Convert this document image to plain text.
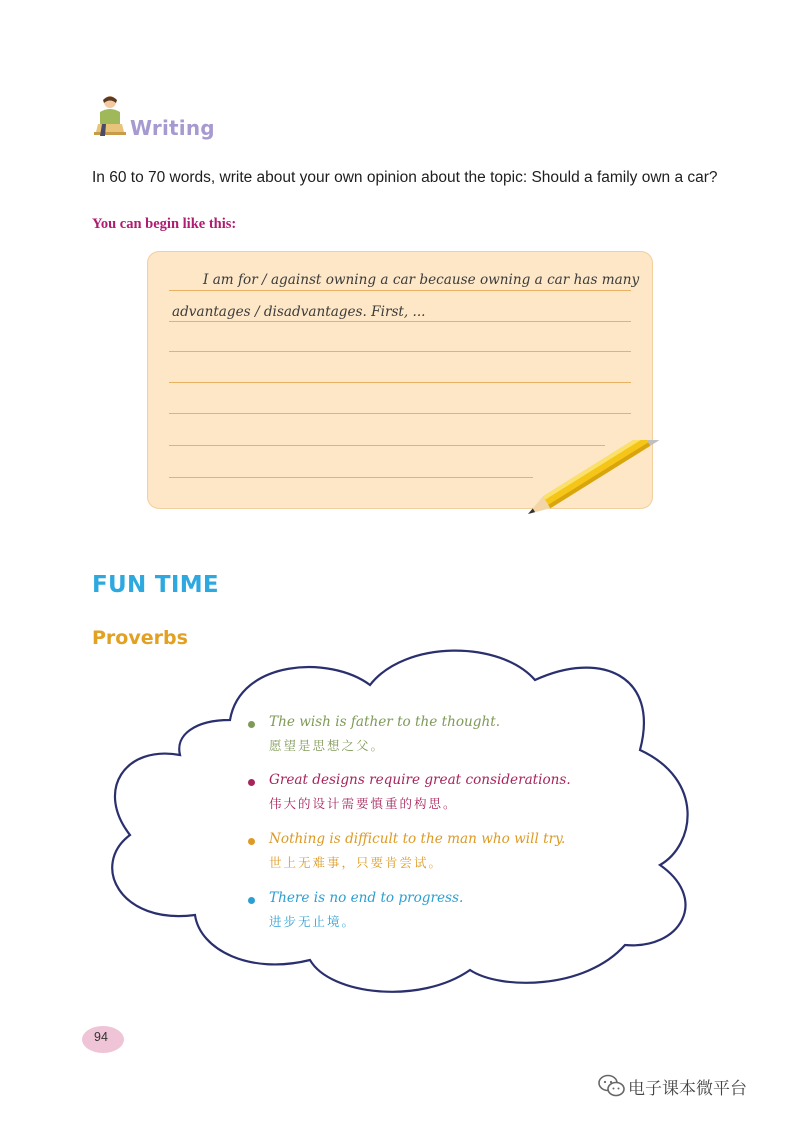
Writing
In 60 to 70 words, write about your own opinion about the topic: Should a family own a car?
You can begin like this:
I am for / against owning a car because owning a car has many
advantages / disadvantages. First, ...
FUN TIME
Proverbs
The wish is father to the thought.
愿望是思想之父。
Great designs require great considerations.
伟大的设计需要慎重的构思。
Nothing is difficult to the man who will try.
世上无难事，只要肯尝试。
There is no end to progress.
进步无止境。
94
电子课本微平台
